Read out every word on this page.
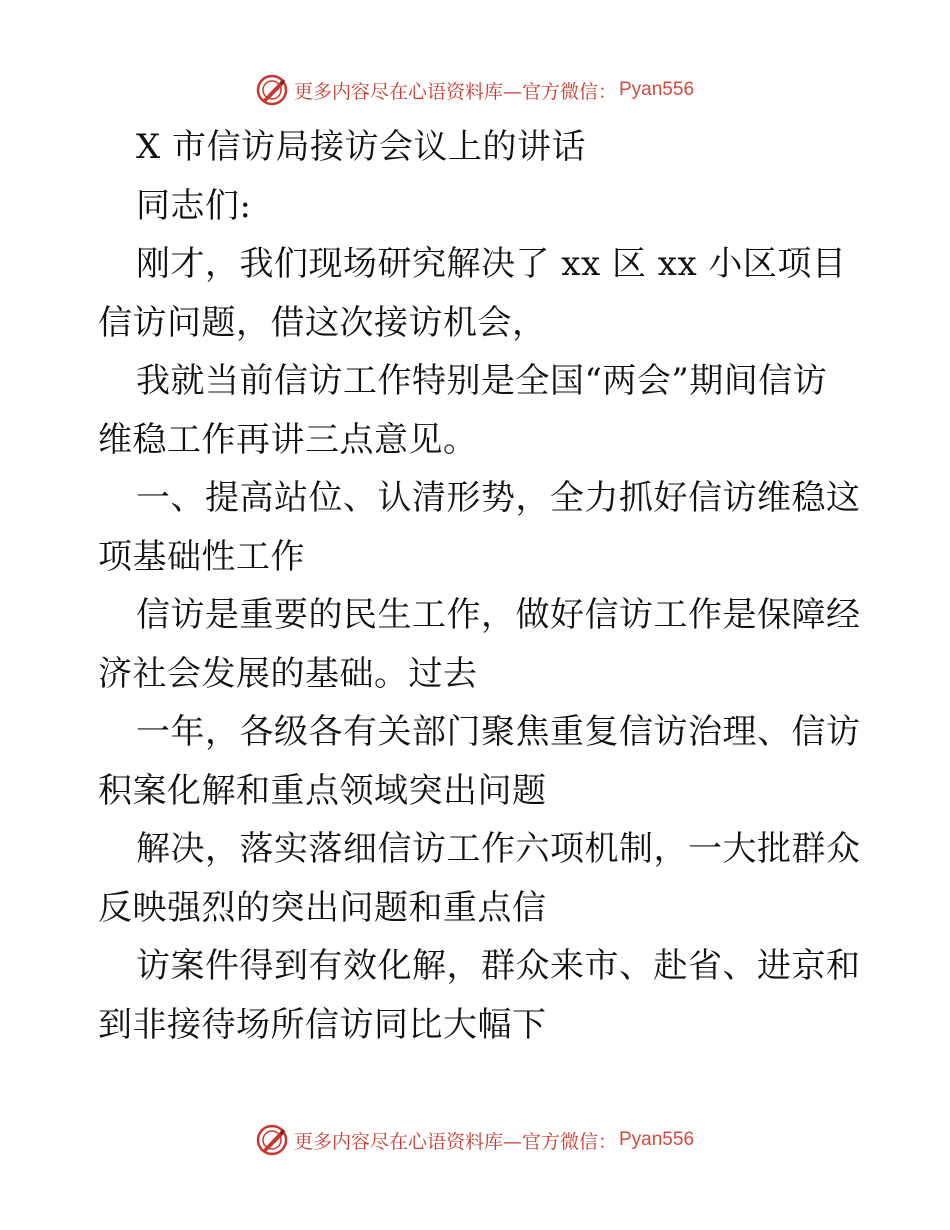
更多内容尽在心语资料库—官方微信： Pyan556
X 市信访局接访会议上的讲话
同志们:
刚才，我们现场研究解决了 xx 区 xx 小区项目
信访问题，借这次接访机会，
我就当前信访工作特别是全国“两会”期间信访
维稳工作再讲三点意见。
一、提高站位、认清形势，全力抓好信访维稳这
项基础性工作
信访是重要的民生工作，做好信访工作是保障经
济社会发展的基础。过去
一年，各级各有关部门聚焦重复信访治理、信访
积案化解和重点领域突出问题
解决，落实落细信访工作六项机制，一大批群众
反映强烈的突出问题和重点信
访案件得到有效化解，群众来市、赴省、进京和
到非接待场所信访同比大幅下
更多内容尽在心语资料库—官方微信： Pyan556
